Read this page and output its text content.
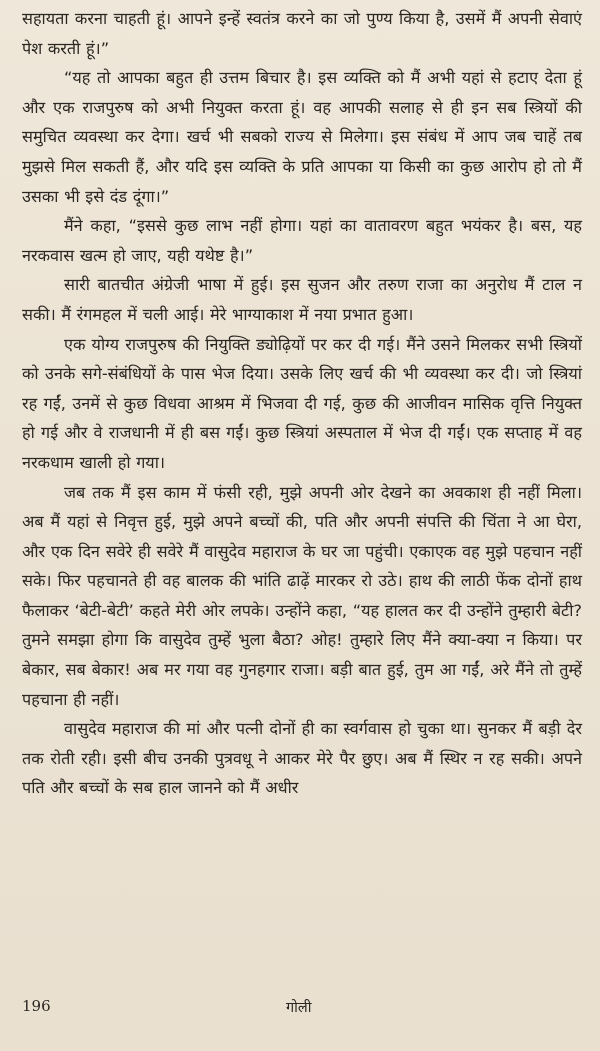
सहायता करना चाहती हूं। आपने इन्हें स्वतंत्र करने का जो पुण्य किया है, उसमें मैं अपनी सेवाएं पेश करती हूं।”

“यह तो आपका बहुत ही उत्तम बिचार है। इस व्यक्ति को मैं अभी यहां से हटाए देता हूं और एक राजपुरुष को अभी नियुक्त करता हूं। वह आपकी सलाह से ही इन सब स्त्रियों की समुचित व्यवस्था कर देगा। खर्च भी सबको राज्य से मिलेगा। इस संबंध में आप जब चाहें तब मुझसे मिल सकती हैं, और यदि इस व्यक्ति के प्रति आपका या किसी का कुछ आरोप हो तो मैं उसका भी इसे दंड दूंगा।”

मैंने कहा, “इससे कुछ लाभ नहीं होगा। यहां का वातावरण बहुत भयंकर है। बस, यह नरकवास खत्म हो जाए, यही यथेष्ट है।”

सारी बातचीत अंग्रेजी भाषा में हुई। इस सुजन और तरुण राजा का अनुरोध मैं टाल न सकी। मैं रंगमहल में चली आई। मेरे भाग्याकाश में नया प्रभात हुआ।

एक योग्य राजपुरुष की नियुक्ति ड्योढ़ियों पर कर दी गई। मैंने उसने मिलकर सभी स्त्रियों को उनके सगे-संबंधियों के पास भेज दिया। उसके लिए खर्च की भी व्यवस्था कर दी। जो स्त्रियां रह गईं, उनमें से कुछ विधवा आश्रम में भिजवा दी गई, कुछ की आजीवन मासिक वृत्ति नियुक्त हो गई और वे राजधानी में ही बस गईं। कुछ स्त्रियां अस्पताल में भेज दी गईं। एक सप्ताह में वह नरकधाम खाली हो गया।

जब तक मैं इस काम में फंसी रही, मुझे अपनी ओर देखने का अवकाश ही नहीं मिला। अब मैं यहां से निवृत्त हुई, मुझे अपने बच्चों की, पति और अपनी संपत्ति की चिंता ने आ घेरा, और एक दिन सवेरे ही सवेरे मैं वासुदेव महाराज के घर जा पहुंची। एकाएक वह मुझे पहचान नहीं सके। फिर पहचानते ही वह बालक की भांति ढाढ़ें मारकर रो उठे। हाथ की लाठी फेंक दोनों हाथ फैलाकर ‘बेटी-बेटी’ कहते मेरी ओर लपके। उन्होंने कहा, “यह हालत कर दी उन्होंने तुम्हारी बेटी? तुमने समझा होगा कि वासुदेव तुम्हें भुला बैठा? ओह! तुम्हारे लिए मैंने क्या-क्या न किया। पर बेकार, सब बेकार! अब मर गया वह गुनहगार राजा। बड़ी बात हुई, तुम आ गईं, अरे मैंने तो तुम्हें पहचाना ही नहीं।

वासुदेव महाराज की मां और पत्नी दोनों ही का स्वर्गवास हो चुका था। सुनकर मैं बड़ी देर तक रोती रही। इसी बीच उनकी पुत्रवधू ने आकर मेरे पैर छुए। अब मैं स्थिर न रह सकी। अपने पति और बच्चों के सब हाल जानने को मैं अधीर

196	गोली
